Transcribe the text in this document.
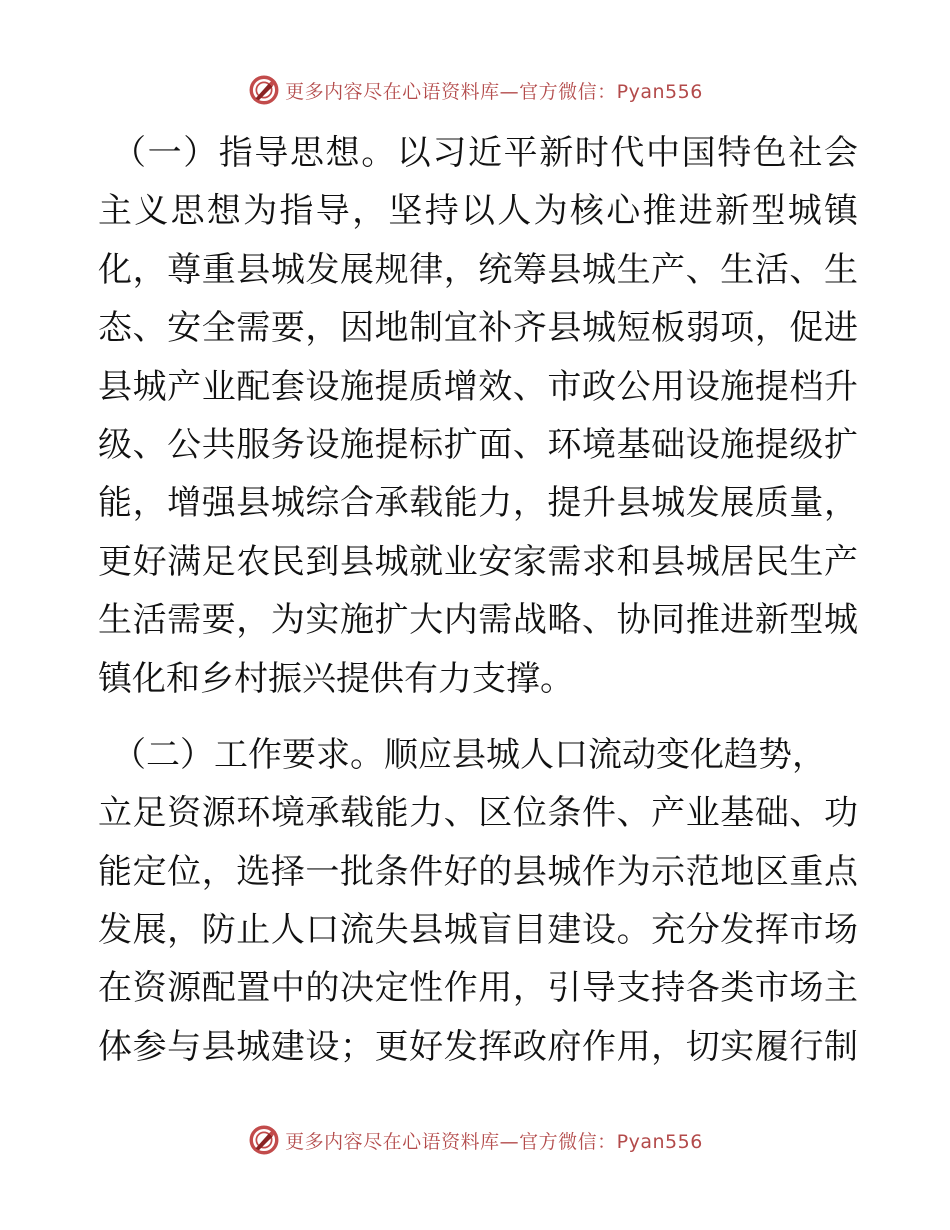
更多内容尽在心语资料库—官方微信：Pyan556
（一）指导思想。以习近平新时代中国特色社会
主义思想为指导，坚持以人为核心推进新型城镇
化，尊重县城发展规律，统筹县城生产、生活、生
态、安全需要，因地制宜补齐县城短板弱项，促进
县城产业配套设施提质增效、市政公用设施提档升
级、公共服务设施提标扩面、环境基础设施提级扩
能，增强县城综合承载能力，提升县城发展质量，
更好满足农民到县城就业安家需求和县城居民生产
生活需要，为实施扩大内需战略、协同推进新型城
镇化和乡村振兴提供有力支撑。
（二）工作要求。顺应县城人口流动变化趋势，
立足资源环境承载能力、区位条件、产业基础、功
能定位，选择一批条件好的县城作为示范地区重点
发展，防止人口流失县城盲目建设。充分发挥市场
在资源配置中的决定性作用，引导支持各类市场主
体参与县城建设；更好发挥政府作用，切实履行制
更多内容尽在心语资料库—官方微信：Pyan556
